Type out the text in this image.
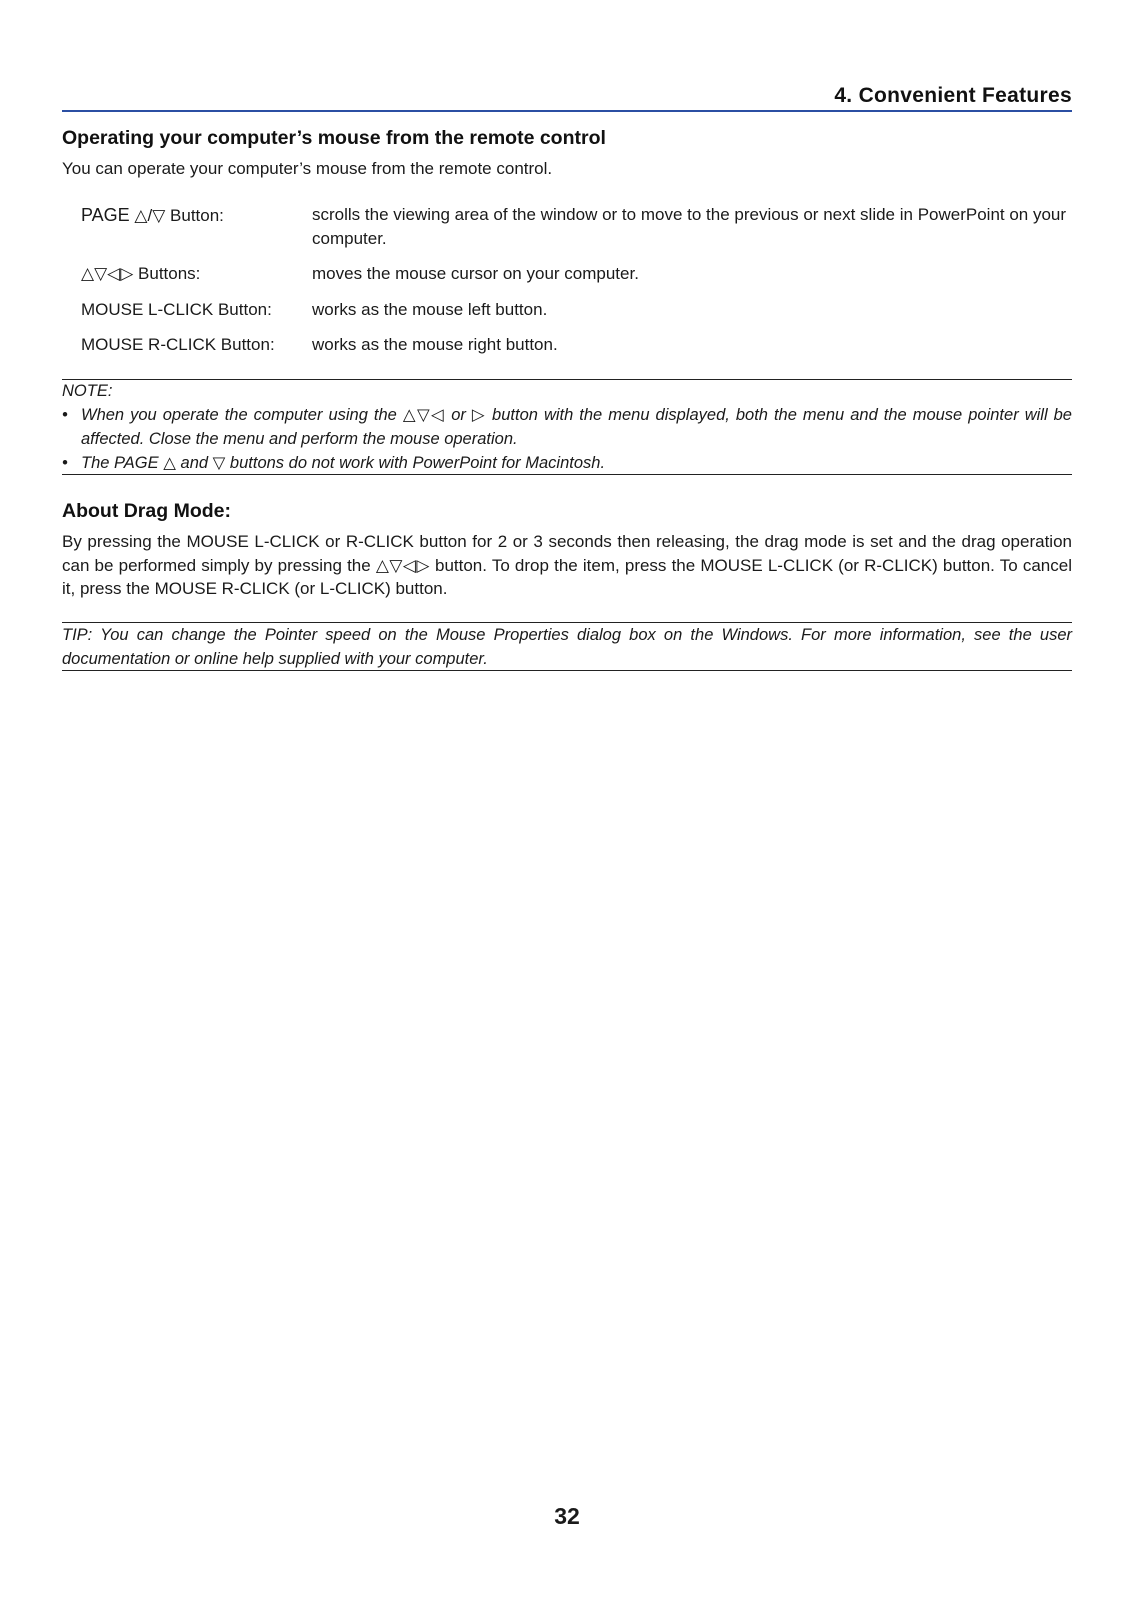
4. Convenient Features
Operating your computer’s mouse from the remote control
You can operate your computer’s mouse from the remote control.
PAGE △/▽ Button:	scrolls the viewing area of the window or to move to the previous or next slide in PowerPoint on your computer.
△▽◁▷ Buttons:	moves the mouse cursor on your computer.
MOUSE L-CLICK Button: works as the mouse left button.
MOUSE R-CLICK Button: works as the mouse right button.
NOTE:
• When you operate the computer using the △▽◁ or ▷ button with the menu displayed, both the menu and the mouse pointer will be affected. Close the menu and perform the mouse operation.
• The PAGE △ and ▽ buttons do not work with PowerPoint for Macintosh.
About Drag Mode:
By pressing the MOUSE L-CLICK or R-CLICK button for 2 or 3 seconds then releasing, the drag mode is set and the drag operation can be performed simply by pressing the △▽◁▷ button. To drop the item, press the MOUSE L-CLICK (or R-CLICK) button. To cancel it, press the MOUSE R-CLICK (or L-CLICK) button.
TIP: You can change the Pointer speed on the Mouse Properties dialog box on the Windows. For more information, see the user documentation or online help supplied with your computer.
32
